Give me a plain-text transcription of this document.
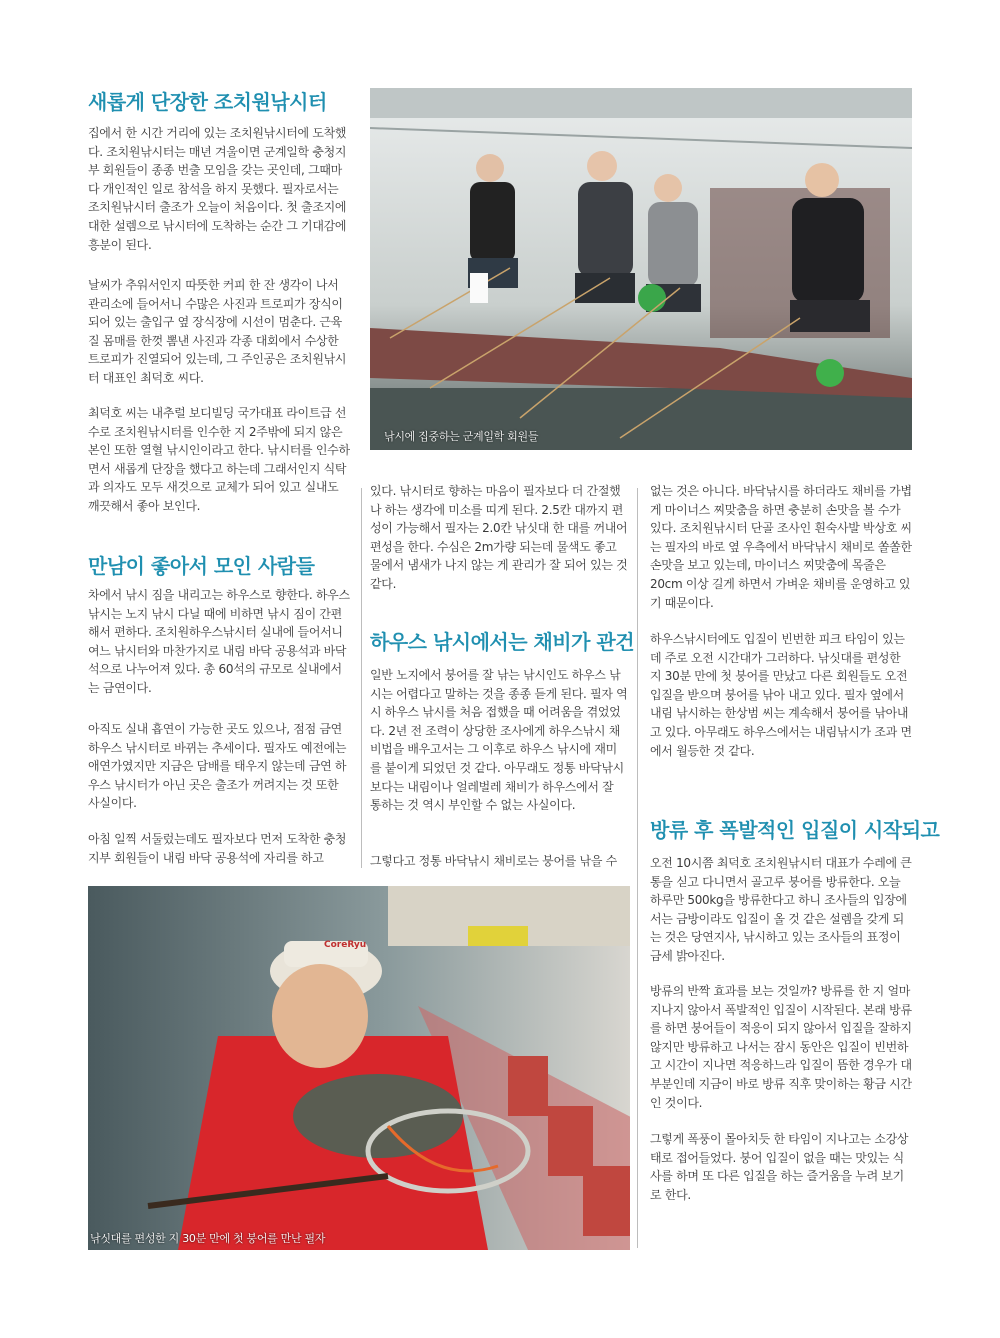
새롭게 단장한 조치원낚시터

집에서 한 시간 거리에 있는 조치원낚시터에 도착했다. 조치원낚시터는 매년 겨울이면 군계일학 충청지부 회원들이 종종 번출 모임을 갖는 곳인데, 그때마다 개인적인 일로 참석을 하지 못했다. 필자로서는 조치원낚시터 출조가 오늘이 처음이다. 첫 출조지에 대한 설렘으로 낚시터에 도착하는 순간 그 기대감에 흥분이 된다.

날씨가 추워서인지 따뜻한 커피 한 잔 생각이 나서 관리소에 들어서니 수많은 사진과 트로피가 장식이 되어 있는 출입구 옆 장식장에 시선이 멈춘다. 근육질 몸매를 한껏 뽐낸 사진과 각종 대회에서 수상한 트로피가 진열되어 있는데, 그 주인공은 조치원낚시터 대표인 최덕호 씨다.

최덕호 씨는 내추럴 보디빌딩 국가대표 라이트급 선수로 조치원낚시터를 인수한 지 2주밖에 되지 않은 본인 또한 열혈 낚시인이라고 한다. 낚시터를 인수하면서 새롭게 단장을 했다고 하는데 그래서인지 식탁과 의자도 모두 새것으로 교체가 되어 있고 실내도 깨끗해서 좋아 보인다.

만남이 좋아서 모인 사람들

차에서 낚시 짐을 내리고는 하우스로 향한다. 하우스 낚시는 노지 낚시 다닐 때에 비하면 낚시 짐이 간편해서 편하다. 조치원하우스낚시터 실내에 들어서니 여느 낚시터와 마찬가지로 내림 바닥 공용석과 바닥석으로 나누어져 있다. 총 60석의 규모로 실내에서는 금연이다.

아직도 실내 흡연이 가능한 곳도 있으나, 점점 금연 하우스 낚시터로 바뀌는 추세이다. 필자도 예전에는 애연가였지만 지금은 담배를 태우지 않는데 금연 하우스 낚시터가 아닌 곳은 출조가 꺼려지는 것 또한 사실이다.

아침 일찍 서둘렀는데도 필자보다 먼저 도착한 충청지부 회원들이 내림 바닥 공용석에 자리를 하고

낚시에 집중하는 군계일학 회원들

있다. 낚시터로 향하는 마음이 필자보다 더 간절했나 하는 생각에 미소를 띠게 된다. 2.5칸 대까지 편성이 가능해서 필자는 2.0칸 낚싯대 한 대를 꺼내어 편성을 한다. 수심은 2m가량 되는데 물색도 좋고 물에서 냄새가 나지 않는 게 관리가 잘 되어 있는 것 같다.

하우스 낚시에서는 채비가 관건

일반 노지에서 붕어를 잘 낚는 낚시인도 하우스 낚시는 어렵다고 말하는 것을 종종 듣게 된다. 필자 역시 하우스 낚시를 처음 접했을 때 어려움을 겪었었다. 2년 전 조력이 상당한 조사에게 하우스낚시 채비법을 배우고서는 그 이후로 하우스 낚시에 재미를 붙이게 되었던 것 같다. 아무래도 정통 바닥낚시보다는 내림이나 얼레벌레 채비가 하우스에서 잘 통하는 것 역시 부인할 수 없는 사실이다.

그렇다고 정통 바닥낚시 채비로는 붕어를 낚을 수

CoreRyu
낚싯대를 편성한 지 30분 만에 첫 붕어를 만난 필자

없는 것은 아니다. 바닥낚시를 하더라도 채비를 가볍게 마이너스 찌맞춤을 하면 충분히 손맛을 볼 수가 있다. 조치원낚시터 단골 조사인 흰숙사발 박상호 씨는 필자의 바로 옆 우측에서 바닥낚시 채비로 쏠쏠한 손맛을 보고 있는데, 마이너스 찌맞춤에 목줄은 20cm 이상 길게 하면서 가벼운 채비를 운영하고 있기 때문이다.

하우스낚시터에도 입질이 빈번한 피크 타임이 있는데 주로 오전 시간대가 그러하다. 낚싯대를 편성한 지 30분 만에 첫 붕어를 만났고 다른 회원들도 오전 입질을 받으며 붕어를 낚아 내고 있다. 필자 옆에서 내림 낚시하는 한상범 씨는 계속해서 붕어를 낚아내고 있다. 아무래도 하우스에서는 내림낚시가 조과 면에서 월등한 것 같다.

방류 후 폭발적인 입질이 시작되고

오전 10시쯤 최덕호 조치원낚시터 대표가 수레에 큰 통을 싣고 다니면서 골고루 붕어를 방류한다. 오늘 하루만 500kg을 방류한다고 하니 조사들의 입장에서는 금방이라도 입질이 올 것 같은 설렘을 갖게 되는 것은 당연지사, 낚시하고 있는 조사들의 표정이 금세 밝아진다.

방류의 반짝 효과를 보는 것일까? 방류를 한 지 얼마 지나지 않아서 폭발적인 입질이 시작된다. 본래 방류를 하면 붕어들이 적응이 되지 않아서 입질을 잘하지 않지만 방류하고 나서는 잠시 동안은 입질이 빈번하고 시간이 지나면 적응하느라 입질이 뜸한 경우가 대부분인데 지금이 바로 방류 직후 맞이하는 황금 시간인 것이다.

그렇게 폭풍이 몰아치듯 한 타임이 지나고는 소강상태로 접어들었다. 붕어 입질이 없을 때는 맛있는 식사를 하며 또 다른 입질을 하는 즐거움을 누려 보기로 한다.
